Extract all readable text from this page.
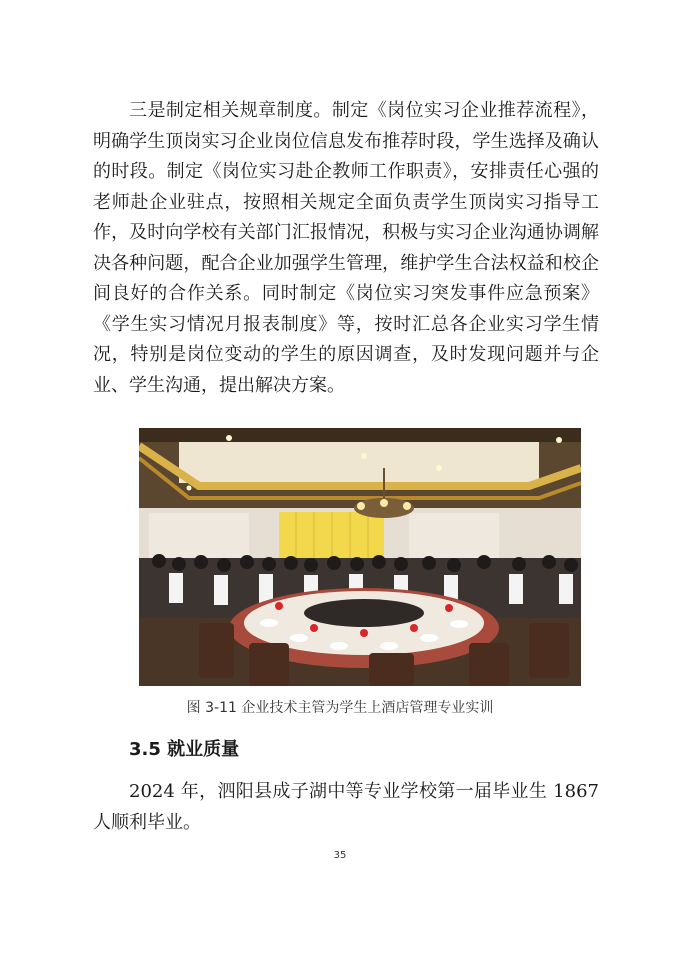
三是制定相关规章制度。制定《岗位实习企业推荐流程》，明确学生顶岗实习企业岗位信息发布推荐时段，学生选择及确认的时段。制定《岗位实习赴企教师工作职责》，安排责任心强的老师赴企业驻点，按照相关规定全面负责学生顶岗实习指导工作，及时向学校有关部门汇报情况，积极与实习企业沟通协调解决各种问题，配合企业加强学生管理，维护学生合法权益和校企间良好的合作关系。同时制定《岗位实习突发事件应急预案》《学生实习情况月报表制度》等，按时汇总各企业实习学生情况，特别是岗位变动的学生的原因调查，及时发现问题并与企业、学生沟通，提出解决方案。

图 3-11 企业技术主管为学生上酒店管理专业实训
3.5 就业质量

2024 年，泗阳县成子湖中等专业学校第一届毕业生 1867 人顺利毕业。

35
